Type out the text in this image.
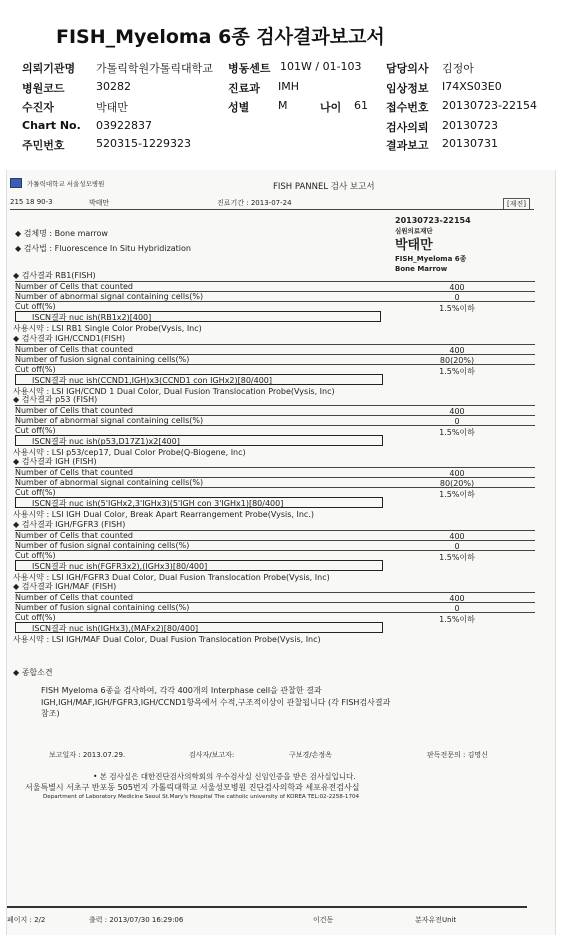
FISH_Myeloma 6종 검사결과보고서
의뢰기관명 가톨릭학원가톨릭대학교 병동센트 101W / 01-103 담당의사 김정아
병원코드	30282	진료과 IMH	임상정보 I74XS03E0
수진자	박태만	성별	M	나이 61 접수번호 20130723-22154
Chart No. 03922837	검사의뢰 20130723
주민번호	520315-1229323	결과보고 20130731
가톨릭대학교 서울성모병원	FISH PANNEL 검사 보고서
215 18 90-3	박태만	진료기간 : 2013-07-24	[재진]
20130723-22154
심원의료재단
박태만
FISH_Myeloma 6종
Bone Marrow
◆ 검체명 : Bone marrow
◆ 검사법 : Fluorescence In Situ Hybridization
◆ 검사결과 RB1(FISH)
Number of Cells that counted	400
Number of abnormal signal containing cells(%)	0
Cut off(%)	1.5%이하
ISCN결과 nuc ish(RB1x2)[400]
사용시약 : LSI RB1 Single Color Probe(Vysis, Inc)
◆ 검사결과 IGH/CCND1(FISH)
Number of Cells that counted	400
Number of fusion signal containing cells(%)	80(20%)
Cut off(%)	1.5%이하
ISCN결과 nuc ish(CCND1,IGH)x3(CCND1 con IGHx2)[80/400]
사용시약 : LSI IGH/CCND 1 Dual Color, Dual Fusion Translocation Probe(Vysis, Inc)
◆ 검사결과 p53 (FISH)
Number of Cells that counted	400
Number of abnormal signal containing cells(%)	0
Cut off(%)	1.5%이하
ISCN결과 nuc ish(p53,D17Z1)x2[400]
사용시약 : LSI p53/cep17, Dual Color Probe(Q-Biogene, Inc)
◆ 검사결과 IGH (FISH)
Number of Cells that counted	400
Number of abnormal signal containing cells(%)	80(20%)
Cut off(%)	1.5%이하
ISCN결과 nuc ish(5'IGHx2,3'IGHx3)(5'IGH con 3'IGHx1)[80/400]
사용시약 : LSI IGH Dual Color, Break Apart Rearrangement Probe(Vysis, Inc.)
◆ 검사결과 IGH/FGFR3 (FISH)
Number of Cells that counted	400
Number of fusion signal containing cells(%)	0
Cut off(%)	1.5%이하
ISCN결과 nuc ish(FGFR3x2),(IGHx3)[80/400]
사용시약 : LSI IGH/FGFR3 Dual Color, Dual Fusion Translocation Probe(Vysis, Inc)
◆ 검사결과 IGH/MAF (FISH)
Number of Cells that counted	400
Number of fusion signal containing cells(%)	0
Cut off(%)	1.5%이하
ISCN결과 nuc ish(IGHx3),(MAFx2)[80/400]
사용시약 : LSI IGH/MAF Dual Color, Dual Fusion Translocation Probe(Vysis, Inc)
◆ 종합소견
FISH Myeloma 6종을 검사하여, 각각 400개의 Interphase cell을 관찰한 결과
IGH,IGH/MAF,IGH/FGFR3,IGH/CCND1항목에서 수적,구조적이상이 관찰됩니다 (각 FISH검사결과
참조)
보고일자 : 2013.07.29.	검사자/보고자:	구보경/손정옥	판독전문의 : 김명신
• 본 검사실은 대한진단검사의학회의 우수검사실 신임인증을 받은 검사실입니다.
서울특별시 서초구 반포동 505번지 가톨릭대학교 서울성모병원 진단검사의학과 세포유전검사실
Department of Laboratory Medicine Seoul St.Mary's Hospital The catholic university of KOREA TEL:02-2258-1704
페이지 : 2/2	출력 : 2013/07/30 16:29:06	이건동	분자유전Unit
